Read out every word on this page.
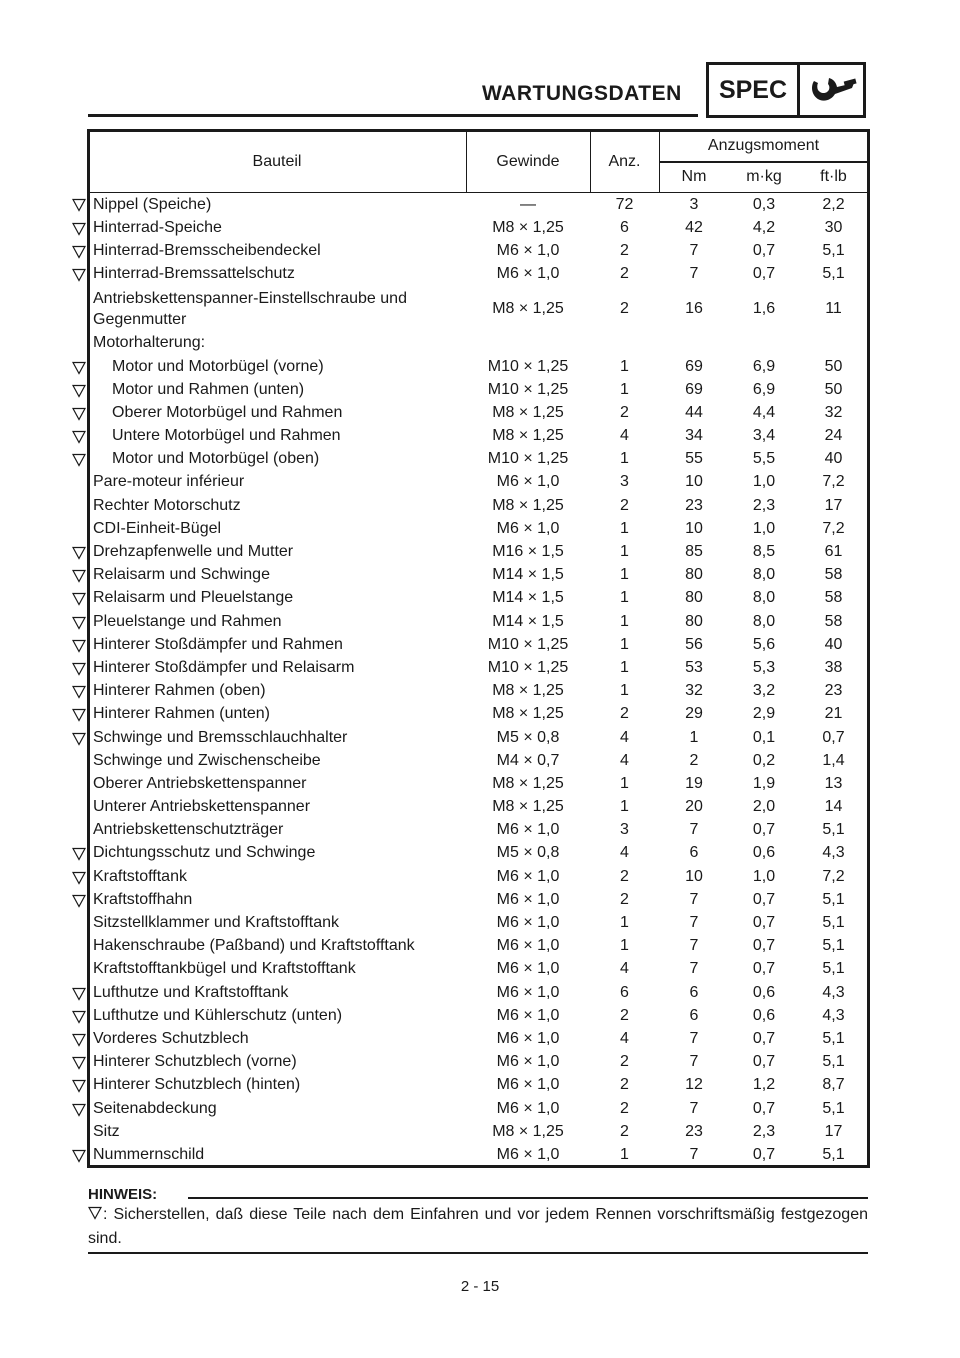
WARTUNGSDATEN	SPEC
Bauteil	Gewinde	Anz.	Anzugsmoment		
			Nm	m·kg	ft·lb
Nippel (Speiche)	—	72	3	0,3	2,2
Hinterrad-Speiche	M8 × 1,25	6	42	4,2	30
Hinterrad-Bremsscheibendeckel	M6 × 1,0	2	7	0,7	5,1
Hinterrad-Bremssattelschutz	M6 × 1,0	2	7	0,7	5,1
Antriebskettenspanner-Einstellschraube und
Gegenmutter	M8 × 1,25	2	16	1,6	11
Motorhalterung:					
Motor und Motorbügel (vorne)	M10 × 1,25	1	69	6,9	50
Motor und Rahmen (unten)	M10 × 1,25	1	69	6,9	50
Oberer Motorbügel und Rahmen	M8 × 1,25	2	44	4,4	32
Untere Motorbügel und Rahmen	M8 × 1,25	4	34	3,4	24
Motor und Motorbügel (oben)	M10 × 1,25	1	55	5,5	40
Pare-moteur inférieur	M6 × 1,0	3	10	1,0	7,2
Rechter Motorschutz	M8 × 1,25	2	23	2,3	17
CDI-Einheit-Bügel	M6 × 1,0	1	10	1,0	7,2
Drehzapfenwelle und Mutter	M16 × 1,5	1	85	8,5	61
Relaisarm und Schwinge	M14 × 1,5	1	80	8,0	58
Relaisarm und Pleuelstange	M14 × 1,5	1	80	8,0	58
Pleuelstange und Rahmen	M14 × 1,5	1	80	8,0	58
Hinterer Stoßdämpfer und Rahmen	M10 × 1,25	1	56	5,6	40
Hinterer Stoßdämpfer und Relaisarm	M10 × 1,25	1	53	5,3	38
Hinterer Rahmen (oben)	M8 × 1,25	1	32	3,2	23
Hinterer Rahmen (unten)	M8 × 1,25	2	29	2,9	21
Schwinge und Bremsschlauchhalter	M5 × 0,8	4	1	0,1	0,7
Schwinge und Zwischenscheibe	M4 × 0,7	4	2	0,2	1,4
Oberer Antriebskettenspanner	M8 × 1,25	1	19	1,9	13
Unterer Antriebskettenspanner	M8 × 1,25	1	20	2,0	14
Antriebskettenschutzträger	M6 × 1,0	3	7	0,7	5,1
Dichtungsschutz und Schwinge	M5 × 0,8	4	6	0,6	4,3
Kraftstofftank	M6 × 1,0	2	10	1,0	7,2
Kraftstoffhahn	M6 × 1,0	2	7	0,7	5,1
Sitzstellklammer und Kraftstofftank	M6 × 1,0	1	7	0,7	5,1
Hakenschraube (Paßband) und Kraftstofftank	M6 × 1,0	1	7	0,7	5,1
Kraftstofftankbügel und Kraftstofftank	M6 × 1,0	4	7	0,7	5,1
Lufthutze und Kraftstofftank	M6 × 1,0	6	6	0,6	4,3
Lufthutze und Kühlerschutz (unten)	M6 × 1,0	2	6	0,6	4,3
Vorderes Schutzblech	M6 × 1,0	4	7	0,7	5,1
Hinterer Schutzblech (vorne)	M6 × 1,0	2	7	0,7	5,1
Hinterer Schutzblech (hinten)	M6 × 1,0	2	12	1,2	8,7
Seitenabdeckung	M6 × 1,0	2	7	0,7	5,1
Sitz	M8 × 1,25	2	23	2,3	17
Nummernschild	M6 × 1,0	1	7	0,7	5,1
HINWEIS:
: Sicherstellen, daß diese Teile nach dem Einfahren und vor jedem Rennen vorschriftsmäßig festgezogen sind.
2 - 15
